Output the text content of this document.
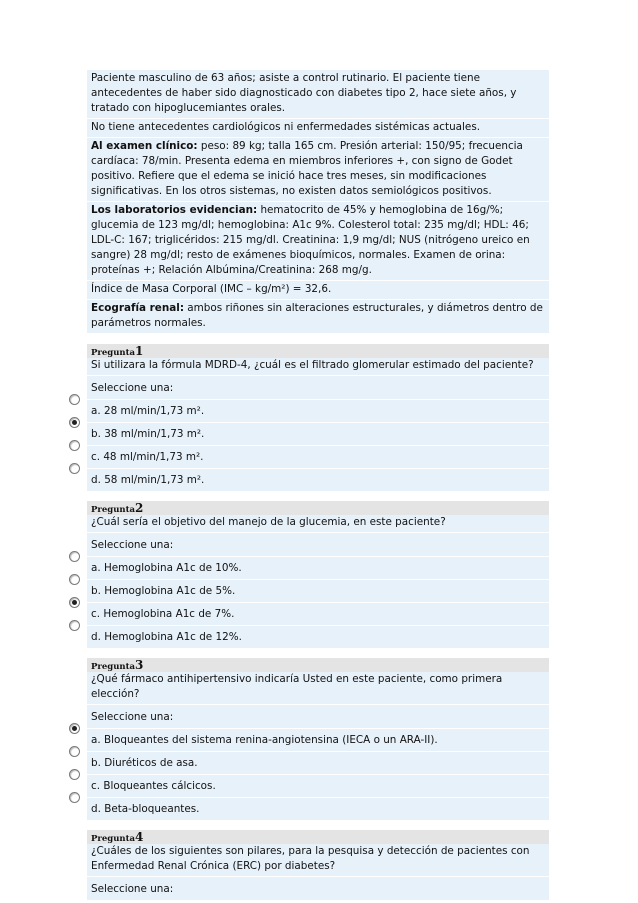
Paciente masculino de 63 años; asiste a control rutinario. El paciente tiene antecedentes de haber sido diagnosticado con diabetes tipo 2, hace siete años, y tratado con hipoglucemiantes orales.
No tiene antecedentes cardiológicos ni enfermedades sistémicas actuales.
Al examen clínico: peso: 89 kg; talla 165 cm. Presión arterial: 150/95; frecuencia cardíaca: 78/min. Presenta edema en miembros inferiores +, con signo de Godet positivo. Refiere que el edema se inició hace tres meses, sin modificaciones significativas. En los otros sistemas, no existen datos semiológicos positivos.
Los laboratorios evidencian: hematocrito de 45% y hemoglobina de 16g/%; glucemia de 123 mg/dl; hemoglobina: A1c 9%. Colesterol total: 235 mg/dl; HDL: 46; LDL-C: 167; triglicéridos: 215 mg/dl. Creatinina: 1,9 mg/dl; NUS (nitrógeno ureico en sangre) 28 mg/dl; resto de exámenes bioquímicos, normales. Examen de orina: proteínas +; Relación Albúmina/Creatinina: 268 mg/g.
Índice de Masa Corporal (IMC – kg/m²) = 32,6.
Ecografía renal: ambos riñones sin alteraciones estructurales, y diámetros dentro de parámetros normales.
Pregunta1
Si utilizara la fórmula MDRD-4, ¿cuál es el filtrado glomerular estimado del paciente?
Seleccione una:
a. 28 ml/min/1,73 m².
b. 38 ml/min/1,73 m².
c. 48 ml/min/1,73 m².
d. 58 ml/min/1,73 m².
Pregunta2
¿Cuál sería el objetivo del manejo de la glucemia, en este paciente?
Seleccione una:
a. Hemoglobina A1c de 10%.
b. Hemoglobina A1c de 5%.
c. Hemoglobina A1c de 7%.
d. Hemoglobina A1c de 12%.
Pregunta3
¿Qué fármaco antihipertensivo indicaría Usted en este paciente, como primera elección?
Seleccione una:
a. Bloqueantes del sistema renina-angiotensina (IECA o un ARA-II).
b. Diuréticos de asa.
c. Bloqueantes cálcicos.
d. Beta-bloqueantes.
Pregunta4
¿Cuáles de los siguientes son pilares, para la pesquisa y detección de pacientes con Enfermedad Renal Crónica (ERC) por diabetes?
Seleccione una:
